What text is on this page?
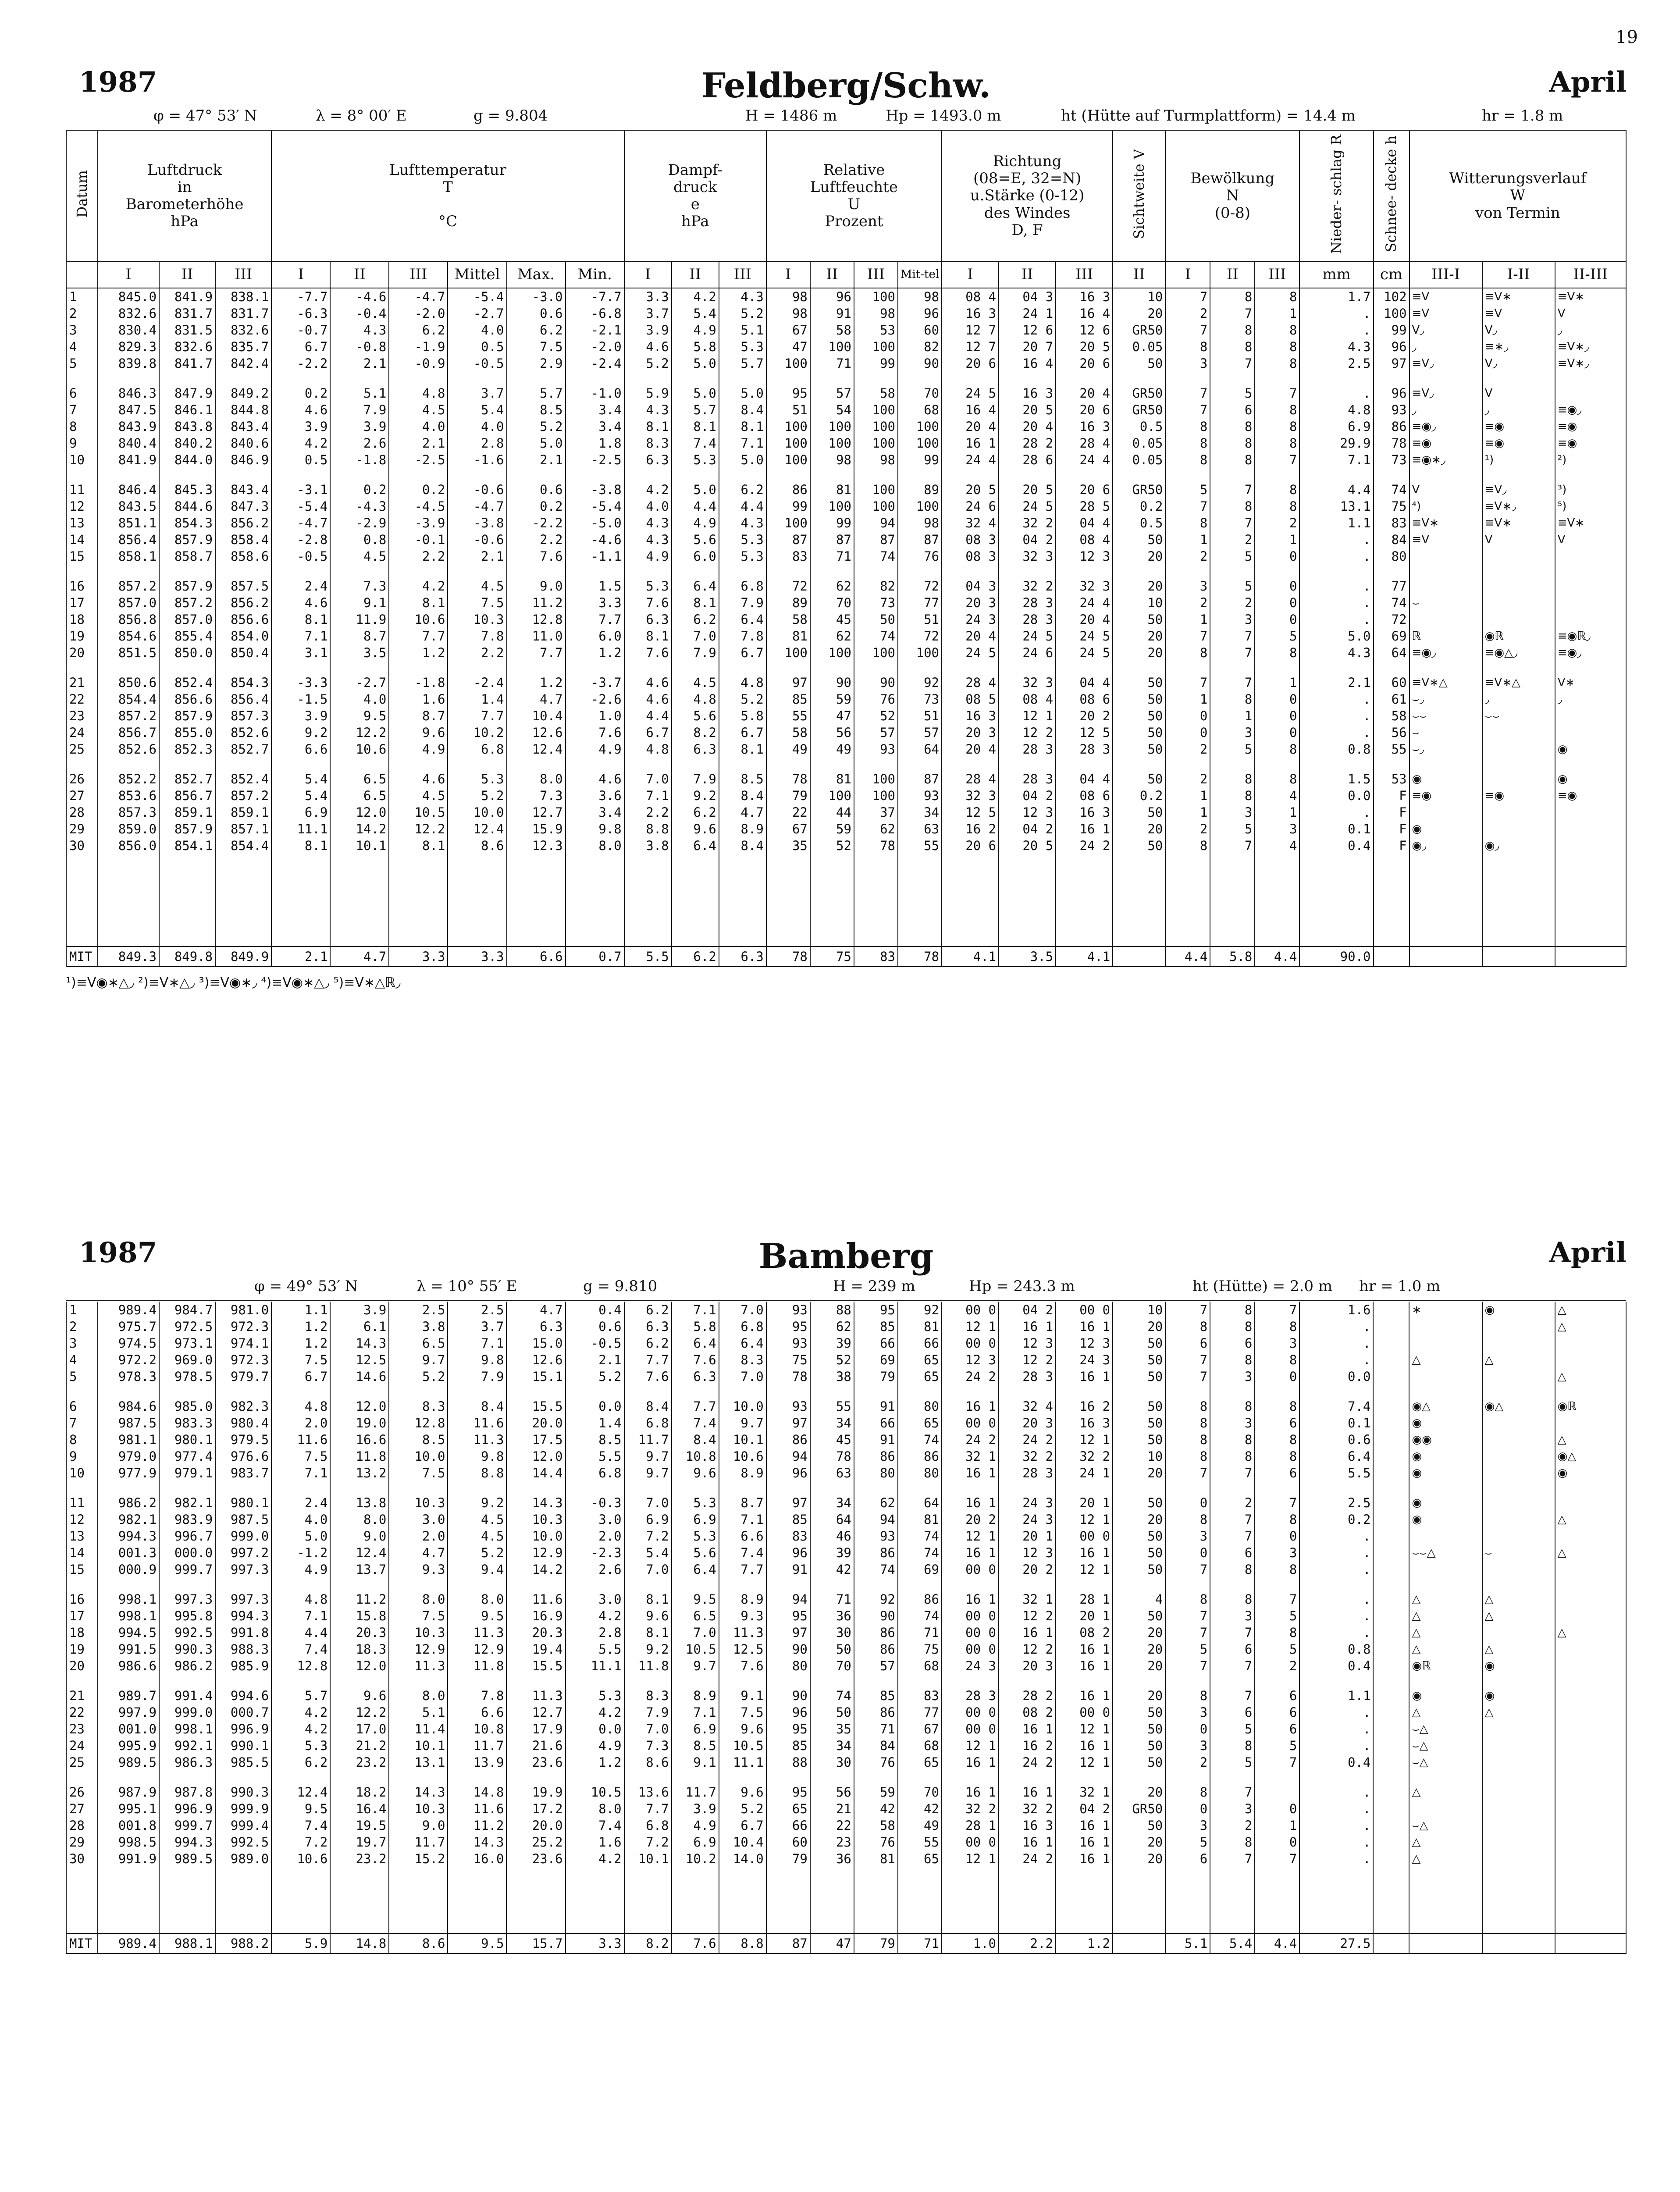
19
1987	Feldberg/Schw.	April
φ = 47° 53′ N	λ = 8° 00′ E	g = 9.804	H = 1486 m	Hp = 1493.0 m	ht (Hütte auf Turmplattform) = 14.4 m	hr = 1.8 m
Datum	Luftdruck
in
Barometerhöhe
hPa			Lufttemperatur
T

°C						Dampf-
druck
e
hPa			Relative
Luftfeuchte
U
Prozent				Richtung
(08=E, 32=N)
u.Stärke (0-12)
des Windes
D, F			Sichtweite V	Bewölkung
N
(0-8)			Nieder- schlag R	Schnee- decke h	Witterungsverlauf
W
von Termin		
	I	II	III	I	II	III	Mittel	Max.	Min.	I	II	III	I	II	III	Mit-tel	I	II	III	II	I	II	III	mm	cm	III-I	I-II	II-III
1	845.0	841.9	838.1	-7.7	-4.6	-4.7	-5.4	-3.0	-7.7	3.3	4.2	4.3	98	96	100	98	08 4	04 3	16 3	10	7	8	8	1.7	102	≡V	≡V∗	≡V∗
2	832.6	831.7	831.7	-6.3	-0.4	-2.0	-2.7	0.6	-6.8	3.7	5.4	5.2	98	91	98	96	16 3	24 1	16 4	20	2	7	1	.	100	≡V	≡V	V
3	830.4	831.5	832.6	-0.7	4.3	6.2	4.0	6.2	-2.1	3.9	4.9	5.1	67	58	53	60	12 7	12 6	12 6	GR50	7	8	8	.	99	V◞	V◞	◞
4	829.3	832.6	835.7	6.7	-0.8	-1.9	0.5	7.5	-2.0	4.6	5.8	5.3	47	100	100	82	12 7	20 7	20 5	0.05	8	8	8	4.3	96	◞	≡∗◞	≡V∗◞
5	839.8	841.7	842.4	-2.2	2.1	-0.9	-0.5	2.9	-2.4	5.2	5.0	5.7	100	71	99	90	20 6	16 4	20 6	50	3	7	8	2.5	97	≡V◞	V◞	≡V∗◞

6	846.3	847.9	849.2	0.2	5.1	4.8	3.7	5.7	-1.0	5.9	5.0	5.0	95	57	58	70	24 5	16 3	20 4	GR50	7	5	7	.	96	≡V◞	V	
7	847.5	846.1	844.8	4.6	7.9	4.5	5.4	8.5	3.4	4.3	5.7	8.4	51	54	100	68	16 4	20 5	20 6	GR50	7	6	8	4.8	93	◞	◞	≡◉◞
8	843.9	843.8	843.4	3.9	3.9	4.0	4.0	5.2	3.4	8.1	8.1	8.1	100	100	100	100	20 4	20 4	16 3	0.5	8	8	8	6.9	86	≡◉◞	≡◉	≡◉
9	840.4	840.2	840.6	4.2	2.6	2.1	2.8	5.0	1.8	8.3	7.4	7.1	100	100	100	100	16 1	28 2	28 4	0.05	8	8	8	29.9	78	≡◉	≡◉	≡◉
10	841.9	844.0	846.9	0.5	-1.8	-2.5	-1.6	2.1	-2.5	6.3	5.3	5.0	100	98	98	99	24 4	28 6	24 4	0.05	8	8	7	7.1	73	≡◉∗◞	¹)	²)

11	846.4	845.3	843.4	-3.1	0.2	0.2	-0.6	0.6	-3.8	4.2	5.0	6.2	86	81	100	89	20 5	20 5	20 6	GR50	5	7	8	4.4	74	V	≡V◞	³)
12	843.5	844.6	847.3	-5.4	-4.3	-4.5	-4.7	0.2	-5.4	4.0	4.4	4.4	99	100	100	100	24 6	24 5	28 5	0.2	7	8	8	13.1	75	⁴)	≡V∗◞	⁵)
13	851.1	854.3	856.2	-4.7	-2.9	-3.9	-3.8	-2.2	-5.0	4.3	4.9	4.3	100	99	94	98	32 4	32 2	04 4	0.5	8	7	2	1.1	83	≡V∗	≡V∗	≡V∗
14	856.4	857.9	858.4	-2.8	0.8	-0.1	-0.6	2.2	-4.6	4.3	5.6	5.3	87	87	87	87	08 3	04 2	08 4	50	1	2	1	.	84	≡V	V	V
15	858.1	858.7	858.6	-0.5	4.5	2.2	2.1	7.6	-1.1	4.9	6.0	5.3	83	71	74	76	08 3	32 3	12 3	20	2	5	0	.	80			

16	857.2	857.9	857.5	2.4	7.3	4.2	4.5	9.0	1.5	5.3	6.4	6.8	72	62	82	72	04 3	32 2	32 3	20	3	5	0	.	77			
17	857.0	857.2	856.2	4.6	9.1	8.1	7.5	11.2	3.3	7.6	8.1	7.9	89	70	73	77	20 3	28 3	24 4	10	2	2	0	.	74	⌣		
18	856.8	857.0	856.6	8.1	11.9	10.6	10.3	12.8	7.7	6.3	6.2	6.4	58	45	50	51	24 3	28 3	20 4	50	1	3	0	.	72			
19	854.6	855.4	854.0	7.1	8.7	7.7	7.8	11.0	6.0	8.1	7.0	7.8	81	62	74	72	20 4	24 5	24 5	20	7	7	5	5.0	69	ℝ	◉ℝ	≡◉ℝ◞
20	851.5	850.0	850.4	3.1	3.5	1.2	2.2	7.7	1.2	7.6	7.9	6.7	100	100	100	100	24 5	24 6	24 5	20	8	7	8	4.3	64	≡◉◞	≡◉△◞	≡◉◞

21	850.6	852.4	854.3	-3.3	-2.7	-1.8	-2.4	1.2	-3.7	4.6	4.5	4.8	97	90	90	92	28 4	32 3	04 4	50	7	7	1	2.1	60	≡V∗△	≡V∗△	V∗
22	854.4	856.6	856.4	-1.5	4.0	1.6	1.4	4.7	-2.6	4.6	4.8	5.2	85	59	76	73	08 5	08 4	08 6	50	1	8	0	.	61	⌣◞	◞	◞
23	857.2	857.9	857.3	3.9	9.5	8.7	7.7	10.4	1.0	4.4	5.6	5.8	55	47	52	51	16 3	12 1	20 2	50	0	1	0	.	58	⌣⌣	⌣⌣	
24	856.7	855.0	852.6	9.2	12.2	9.6	10.2	12.6	7.6	6.7	8.2	6.7	58	56	57	57	20 3	12 2	12 5	50	0	3	0	.	56	⌣		
25	852.6	852.3	852.7	6.6	10.6	4.9	6.8	12.4	4.9	4.8	6.3	8.1	49	49	93	64	20 4	28 3	28 3	50	2	5	8	0.8	55	⌣◞		◉

26	852.2	852.7	852.4	5.4	6.5	4.6	5.3	8.0	4.6	7.0	7.9	8.5	78	81	100	87	28 4	28 3	04 4	50	2	8	8	1.5	53	◉		◉
27	853.6	856.7	857.2	5.4	6.5	4.5	5.2	7.3	3.6	7.1	9.2	8.4	79	100	100	93	32 3	04 2	08 6	0.2	1	8	4	0.0	F	≡◉	≡◉	≡◉
28	857.3	859.1	859.1	6.9	12.0	10.5	10.0	12.7	3.4	2.2	6.2	4.7	22	44	37	34	12 5	12 3	16 3	50	1	3	1	.	F			
29	859.0	857.9	857.1	11.1	14.2	12.2	12.4	15.9	9.8	8.8	9.6	8.9	67	59	62	63	16 2	04 2	16 1	20	2	5	3	0.1	F	◉		
30	856.0	854.1	854.4	8.1	10.1	8.1	8.6	12.3	8.0	3.8	6.4	8.4	35	52	78	55	20 6	20 5	24 2	50	8	7	4	0.4	F	◉◞	◉◞	

MIT	849.3	849.8	849.9	2.1	4.7	3.3	3.3	6.6	0.7	5.5	6.2	6.3	78	75	83	78	4.1	3.5	4.1		4.4	5.8	4.4	90.0				
¹)≡V◉∗△◞ ²)≡V∗△◞ ³)≡V◉∗◞ ⁴)≡V◉∗△◞ ⁵)≡V∗△ℝ◞
1987	Bamberg	April
φ = 49° 53′ N	λ = 10° 55′ E	g = 9.810	H = 239 m	Hp = 243.3 m	ht (Hütte) = 2.0 m hr = 1.0 m

1	989.4	984.7	981.0	1.1	3.9	2.5	2.5	4.7	0.4	6.2	7.1	7.0	93	88	95	92	00 0	04 2	00 0	10	7	8	7	1.6		∗	◉	△
2	975.7	972.5	972.3	1.2	6.1	3.8	3.7	6.3	0.6	6.3	5.8	6.8	95	62	85	81	12 1	16 1	16 1	20	8	8	8	.				△
3	974.5	973.1	974.1	1.2	14.3	6.5	7.1	15.0	-0.5	6.2	6.4	6.4	93	39	66	66	00 0	12 3	12 3	50	6	6	3	.				
4	972.2	969.0	972.3	7.5	12.5	9.7	9.8	12.6	2.1	7.7	7.6	8.3	75	52	69	65	12 3	12 2	24 3	50	7	8	8	.		△	△	
5	978.3	978.5	979.7	6.7	14.6	5.2	7.9	15.1	5.2	7.6	6.3	7.0	78	38	79	65	24 2	28 3	16 1	50	7	3	0	0.0				△

6	984.6	985.0	982.3	4.8	12.0	8.3	8.4	15.5	0.0	8.4	7.7	10.0	93	55	91	80	16 1	32 4	16 2	50	8	8	8	7.4		◉△	◉△	◉ℝ
7	987.5	983.3	980.4	2.0	19.0	12.8	11.6	20.0	1.4	6.8	7.4	9.7	97	34	66	65	00 0	20 3	16 3	50	8	3	6	0.1		◉		
8	981.1	980.1	979.5	11.6	16.6	8.5	11.3	17.5	8.5	11.7	8.4	10.1	86	45	91	74	24 2	24 2	12 1	50	8	8	8	0.6		◉◉		△
9	979.0	977.4	976.6	7.5	11.8	10.0	9.8	12.0	5.5	9.7	10.8	10.6	94	78	86	86	32 1	32 2	32 2	10	8	8	8	6.4		◉		◉△
10	977.9	979.1	983.7	7.1	13.2	7.5	8.8	14.4	6.8	9.7	9.6	8.9	96	63	80	80	16 1	28 3	24 1	20	7	7	6	5.5		◉		◉

11	986.2	982.1	980.1	2.4	13.8	10.3	9.2	14.3	-0.3	7.0	5.3	8.7	97	34	62	64	16 1	24 3	20 1	50	0	2	7	2.5		◉		
12	982.1	983.9	987.5	4.0	8.0	3.0	4.5	10.3	3.0	6.9	6.9	7.1	85	64	94	81	20 2	24 3	12 1	20	8	7	8	0.2		◉		△
13	994.3	996.7	999.0	5.0	9.0	2.0	4.5	10.0	2.0	7.2	5.3	6.6	83	46	93	74	12 1	20 1	00 0	50	3	7	0	.				
14	001.3	000.0	997.2	-1.2	12.4	4.7	5.2	12.9	-2.3	5.4	5.6	7.4	96	39	86	74	16 1	12 3	16 1	50	0	6	3	.		⌣⌣△	⌣	△
15	000.9	999.7	997.3	4.9	13.7	9.3	9.4	14.2	2.6	7.0	6.4	7.7	91	42	74	69	00 0	20 2	12 1	50	7	8	8	.				

16	998.1	997.3	997.3	4.8	11.2	8.0	8.0	11.6	3.0	8.1	9.5	8.9	94	71	92	86	16 1	32 1	28 1	4	8	8	7	.		△	△	
17	998.1	995.8	994.3	7.1	15.8	7.5	9.5	16.9	4.2	9.6	6.5	9.3	95	36	90	74	00 0	12 2	20 1	50	7	3	5	.		△	△	
18	994.5	992.5	991.8	4.4	20.3	10.3	11.3	20.3	2.8	8.1	7.0	11.3	97	30	86	71	00 0	16 1	08 2	20	7	7	8	.		△		△
19	991.5	990.3	988.3	7.4	18.3	12.9	12.9	19.4	5.5	9.2	10.5	12.5	90	50	86	75	00 0	12 2	16 1	20	5	6	5	0.8		△	△	
20	986.6	986.2	985.9	12.8	12.0	11.3	11.8	15.5	11.1	11.8	9.7	7.6	80	70	57	68	24 3	20 3	16 1	20	7	7	2	0.4		◉ℝ	◉	

21	989.7	991.4	994.6	5.7	9.6	8.0	7.8	11.3	5.3	8.3	8.9	9.1	90	74	85	83	28 3	28 2	16 1	20	8	7	6	1.1		◉	◉	
22	997.9	999.0	000.7	4.2	12.2	5.1	6.6	12.7	4.2	7.9	7.1	7.5	96	50	86	77	00 0	08 2	00 0	50	3	6	6	.		△	△	
23	001.0	998.1	996.9	4.2	17.0	11.4	10.8	17.9	0.0	7.0	6.9	9.6	95	35	71	67	00 0	16 1	12 1	50	0	5	6	.		⌣△		
24	995.9	992.1	990.1	5.3	21.2	10.1	11.7	21.6	4.9	7.3	8.5	10.5	85	34	84	68	12 1	16 2	16 1	50	3	8	5	.		⌣△		
25	989.5	986.3	985.5	6.2	23.2	13.1	13.9	23.6	1.2	8.6	9.1	11.1	88	30	76	65	16 1	24 2	12 1	50	2	5	7	0.4		⌣△		

26	987.9	987.8	990.3	12.4	18.2	14.3	14.8	19.9	10.5	13.6	11.7	9.6	95	56	59	70	16 1	16 1	32 1	20	8	7		.		△		
27	995.1	996.9	999.9	9.5	16.4	10.3	11.6	17.2	8.0	7.7	3.9	5.2	65	21	42	42	32 2	32 2	04 2	GR50	0	3	0	.				
28	001.8	999.7	999.4	7.4	19.5	9.0	11.2	20.0	7.4	6.8	4.9	6.7	66	22	58	49	28 1	16 3	16 1	50	3	2	1	.		⌣△		
29	998.5	994.3	992.5	7.2	19.7	11.7	14.3	25.2	1.6	7.2	6.9	10.4	60	23	76	55	00 0	16 1	16 1	20	5	8	0	.		△		
30	991.9	989.5	989.0	10.6	23.2	15.2	16.0	23.6	4.2	10.1	10.2	14.0	79	36	81	65	12 1	24 2	16 1	20	6	7	7	.		△		

MIT	989.4	988.1	988.2	5.9	14.8	8.6	9.5	15.7	3.3	8.2	7.6	8.8	87	47	79	71	1.0	2.2	1.2		5.1	5.4	4.4	27.5				
